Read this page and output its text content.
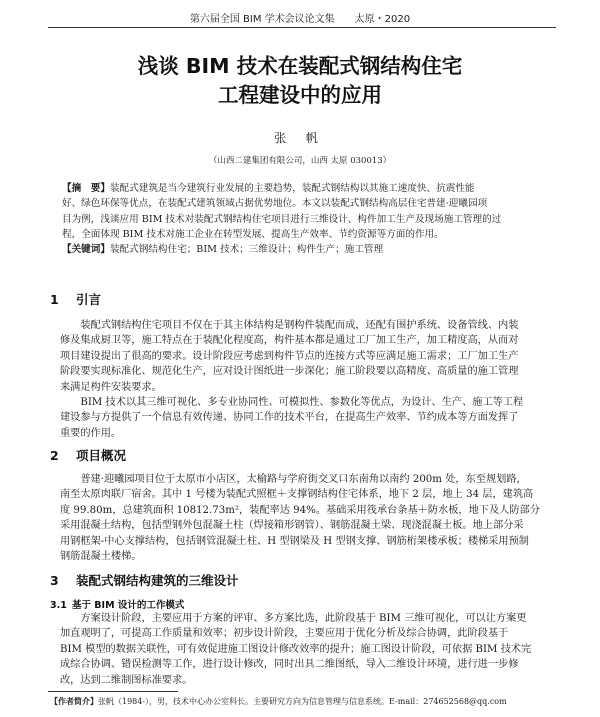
第六届全国 BIM 学术会议论文集　　太原・2020
浅谈 BIM 技术在装配式钢结构住宅
工程建设中的应用
张 帆
（山西二建集团有限公司，山西 太原 030013）
【摘　要】装配式建筑是当今建筑行业发展的主要趋势，装配式钢结构以其施工速度快、抗震性能
好、绿色环保等优点，在装配式建筑领域占据优势地位。本文以装配式钢结构高层住宅普建·迎曦园项
目为例，浅谈应用 BIM 技术对装配式钢结构住宅项目进行三维设计、构件加工生产及现场施工管理的过
程，全面体现 BIM 技术对施工企业在转型发展、提高生产效率、节约资源等方面的作用。
【关键词】装配式钢结构住宅；BIM 技术；三维设计；构件生产；施工管理
1 引言
　　装配式钢结构住宅项目不仅在于其主体结构是钢构件装配而成，还配有围护系统、设备管线、内装
修及集成厨卫等，施工特点在于装配化程度高，构件基本都是通过工厂加工生产，加工精度高，从而对
项目建设提出了很高的要求。设计阶段应考虑到构件节点的连接方式等应满足施工需求；工厂加工生产
阶段要实现标准化、规范化生产，应对设计图纸进一步深化；施工阶段要以高精度、高质量的施工管理
来满足构件安装要求。
　　BIM 技术以其三维可视化、多专业协同性、可模拟性、参数化等优点，为设计、生产、施工等工程
建设参与方提供了一个信息有效传递、协同工作的技术平台，在提高生产效率、节约成本等方面发挥了
重要的作用。
2 项目概况
　　普建·迎曦园项目位于太原市小店区，太榆路与学府街交叉口东南角以南约 200m 处，东至规划路，
南至太原肉联厂宿舍。其中 1 号楼为装配式照框＋支撑钢结构住宅体系，地下 2 层，地上 34 层，建筑高
度 99.80m，总建筑面积 10812.73m²，装配率达 94%。基础采用筏承台条基＋防水板，地下及人防部分
采用混凝土结构，包括型钢外包混凝土柱（焊接箱形钢管）、钢筋混凝土梁、现浇混凝土板。地上部分采
用钢框架-中心支撑结构，包括钢管混凝土柱、H 型钢梁及 H 型钢支撑、钢筋桁架楼承板；楼梯采用预制
钢筋混凝土楼梯。
3 装配式钢结构建筑的三维设计
3.1 基于 BIM 设计的工作模式
　　方案设计阶段，主要应用于方案的评审、多方案比选，此阶段基于 BIM 三维可视化，可以让方案更
加直观明了，可提高工作质量和效率；初步设计阶段，主要应用于优化分析及综合协调，此阶段基于
BIM 模型的数据关联性，可有效促进施工图设计修改效率的提升；施工图设计阶段，可依据 BIM 技术完
成综合协调、错误检测等工作，进行设计修改，同时出具二维图纸，导入二维设计环境，进行进一步修
改，达到二维制图标准要求。
【作者简介】张帆（1984-），男，技术中心办公室科长。主要研究方向为信息管理与信息系统。E-mail：274652568@qq.com
